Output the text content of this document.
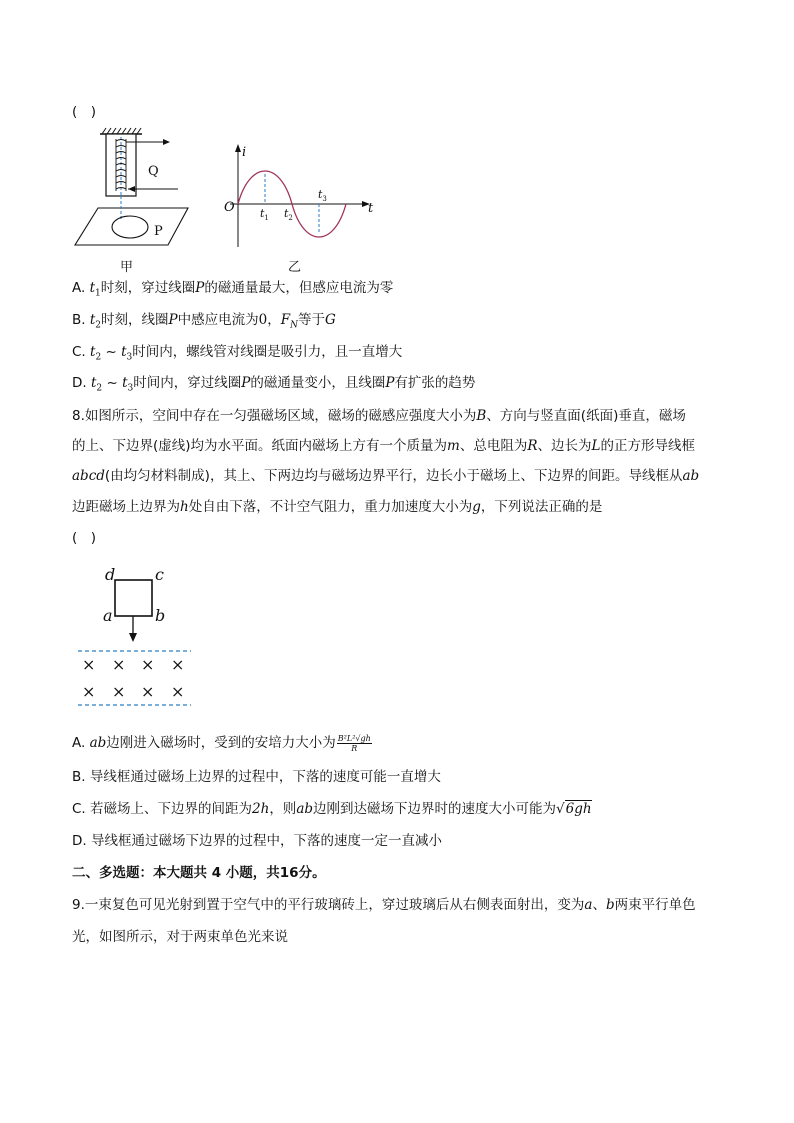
(　)
Q
P
甲
i
t
O $t_1$ $t_2$
$t_3$
乙
A. $t_1$时刻，穿过线圈P的磁通量最大，但感应电流为零
B. $t_2$时刻，线圈P中感应电流为0，$F_N$等于G
C. $t_2$ ~ $t_3$时间内，螺线管对线圈是吸引力，且一直增大
D. $t_2$ ~ $t_3$时间内，穿过线圈P的磁通量变小，且线圈P有扩张的趋势
8.如图所示，空间中存在一匀强磁场区域，磁场的磁感应强度大小为B、方向与竖直面(纸面)垂直，磁场
的上、下边界(虚线)均为水平面。纸面内磁场上方有一个质量为m、总电阻为R、边长为L的正方形导线框
abcd(由均匀材料制成)，其上、下两边均与磁场边界平行，边长小于磁场上、下边界的间距。导线框从ab
边距磁场上边界为h处自由下落，不计空气阻力，重力加速度大小为g，下列说法正确的是
(　)
d c
a	b
× × × ×
× × × ×
A. ab边刚进入磁场时，受到的安培力大小为 $\frac{\text{B²L²√gh}}{R}$
B. 导线框通过磁场上边界的过程中，下落的速度可能一直增大
C. 若磁场上、下边界的间距为2h，则ab边刚到达磁场下边界时的速度大小可能为√6gh
D. 导线框通过磁场下边界的过程中，下落的速度一定一直减小
二、多选题：本大题共 4 小题，共16分。
9.一束复色可见光射到置于空气中的平行玻璃砖上，穿过玻璃后从右侧表面射出，变为a、b两束平行单色
光，如图所示，对于两束单色光来说
